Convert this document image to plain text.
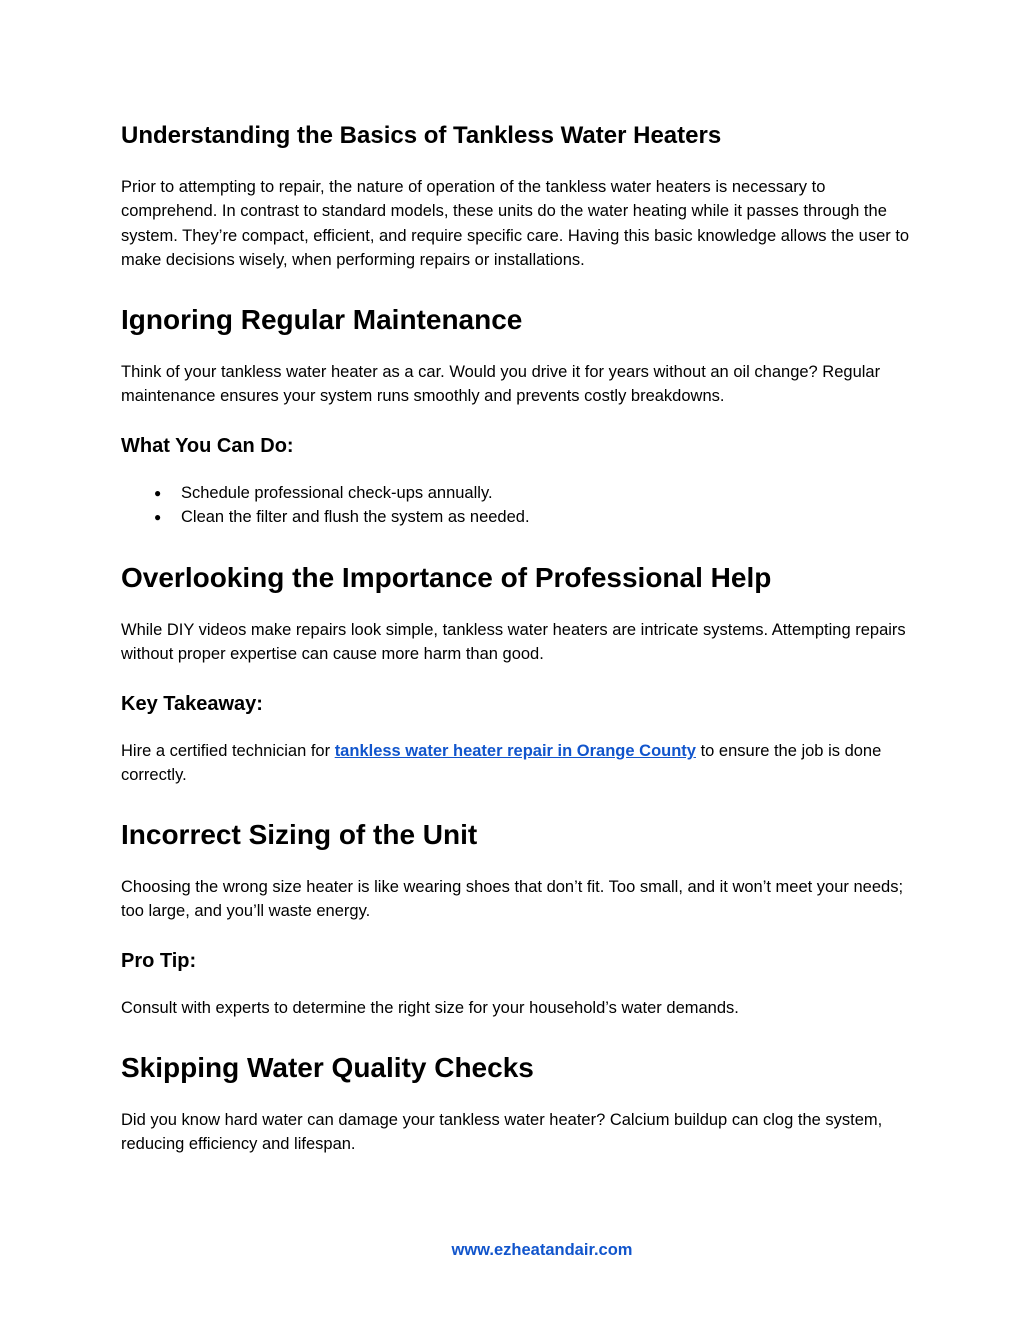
Understanding the Basics of Tankless Water Heaters

Prior to attempting to repair, the nature of operation of the tankless water heaters is necessary to comprehend. In contrast to standard models, these units do the water heating while it passes through the system. They’re compact, efficient, and require specific care. Having this basic knowledge allows the user to make decisions wisely, when performing repairs or installations.

Ignoring Regular Maintenance

Think of your tankless water heater as a car. Would you drive it for years without an oil change? Regular maintenance ensures your system runs smoothly and prevents costly breakdowns.

What You Can Do:
● Schedule professional check-ups annually.
● Clean the filter and flush the system as needed.
Overlooking the Importance of Professional Help

While DIY videos make repairs look simple, tankless water heaters are intricate systems. Attempting repairs without proper expertise can cause more harm than good.

Key Takeaway:

Hire a certified technician for tankless water heater repair in Orange County to ensure the job is done correctly.

Incorrect Sizing of the Unit

Choosing the wrong size heater is like wearing shoes that don’t fit. Too small, and it won’t meet your needs; too large, and you’ll waste energy.

Pro Tip:

Consult with experts to determine the right size for your household’s water demands.

Skipping Water Quality Checks

Did you know hard water can damage your tankless water heater? Calcium buildup can clog the system, reducing efficiency and lifespan.

www.ezheatandair.com
